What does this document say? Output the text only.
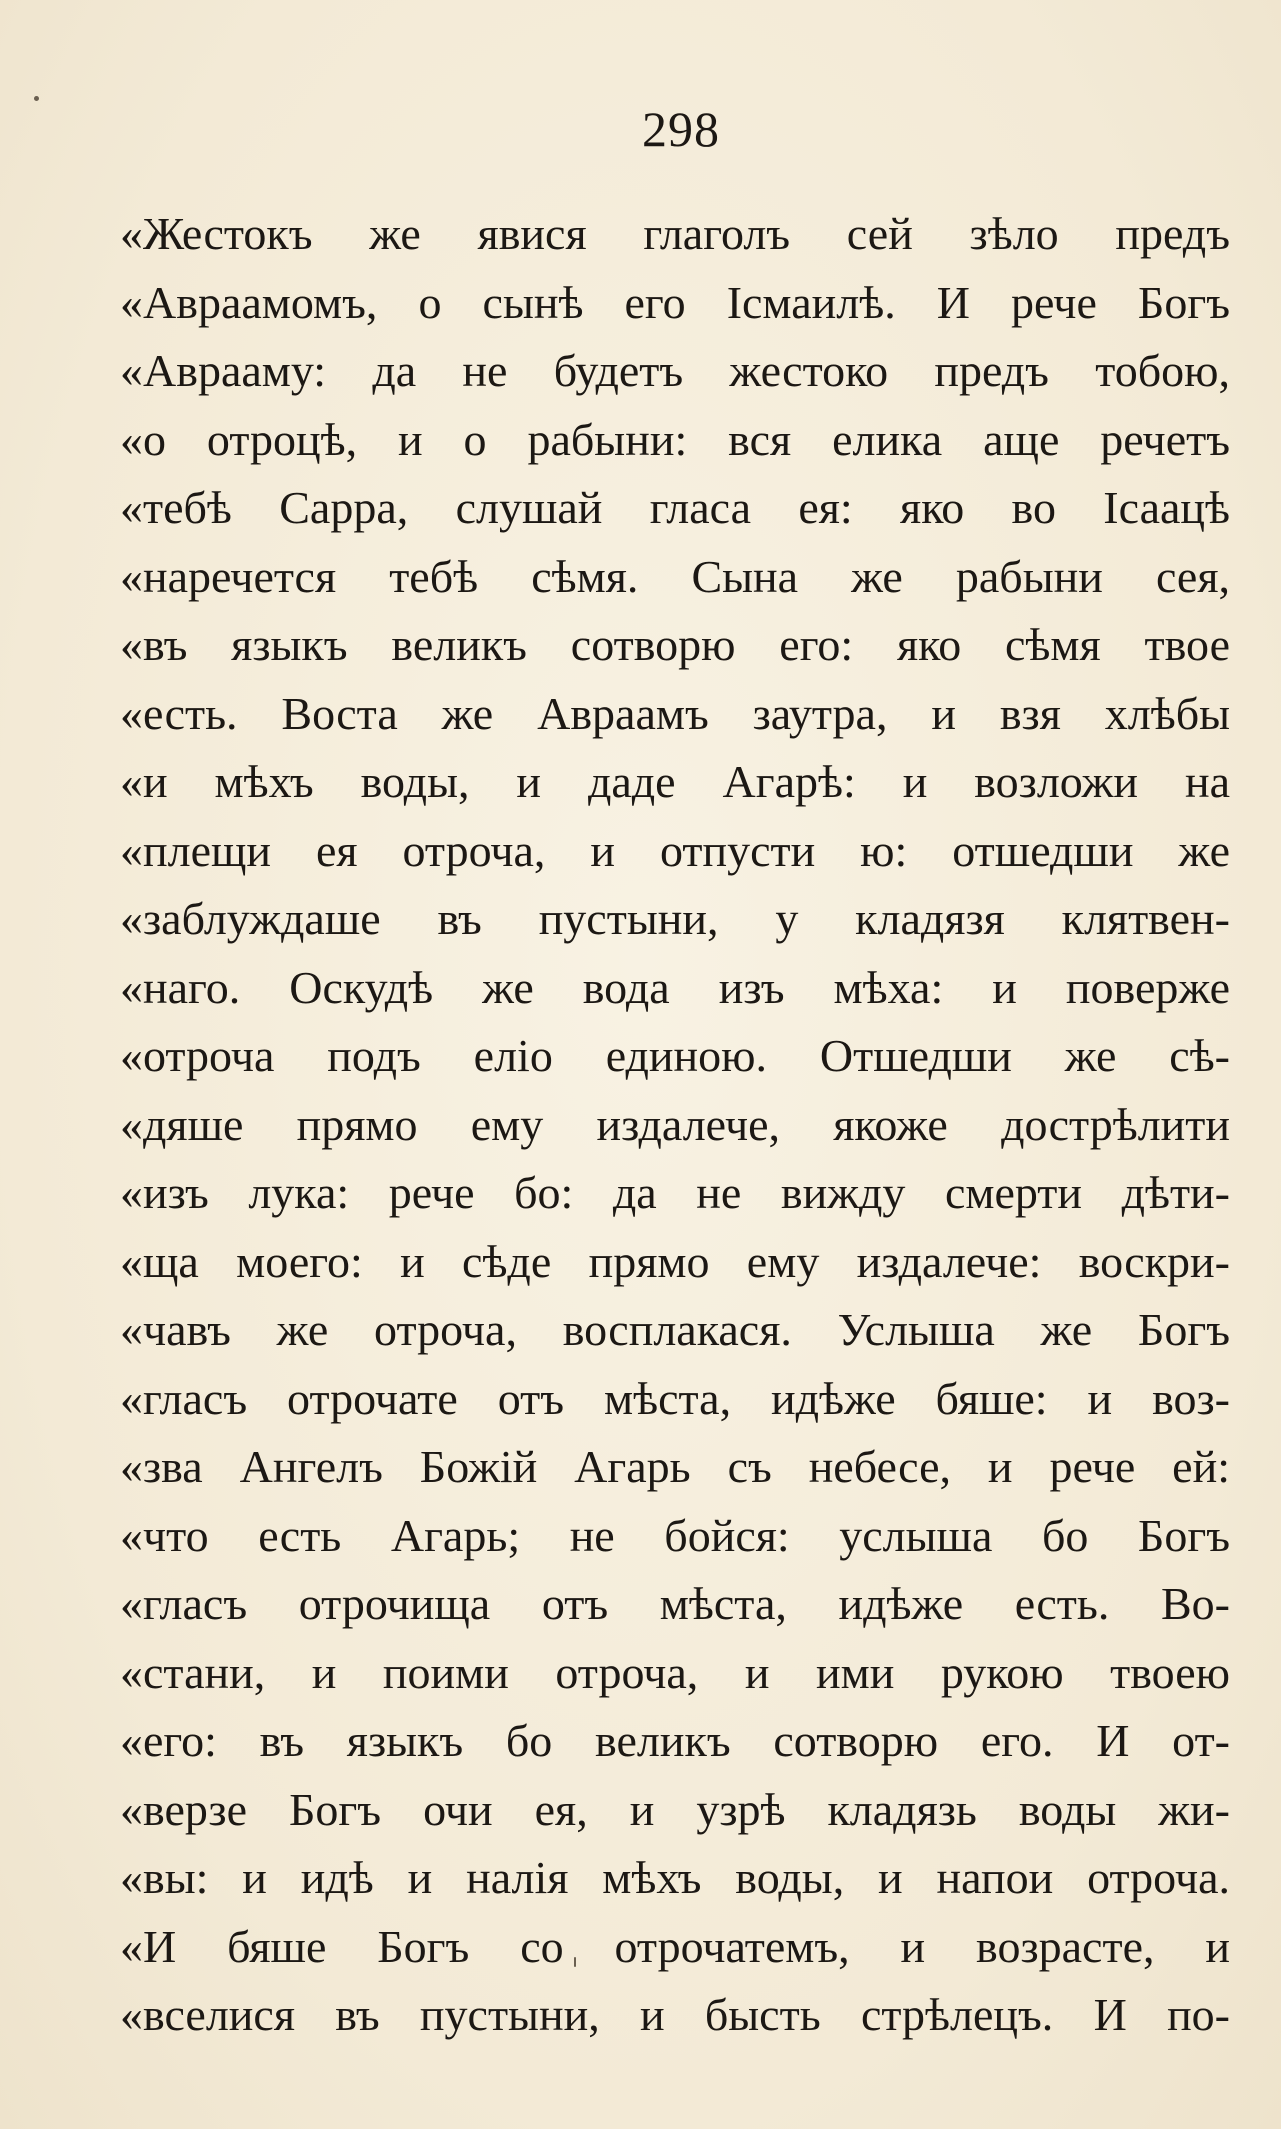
298
«Жестокъ же явися глаголъ сей зѣло предъ
«Авраамомъ, о сынѣ его Ісмаилѣ. И рече Богъ
«Аврааму: да не будетъ жестоко предъ тобою,
«о отроцѣ, и о рабыни: вся елика аще речетъ
«тебѣ Сарра, слушай гласа ея: яко во Ісаацѣ
«наречется тебѣ сѣмя. Сына же рабыни сея,
«въ языкъ великъ сотворю его: яко сѣмя твое
«есть. Воста же Авраамъ заутра, и взя хлѣбы
«и мѣхъ воды, и даде Агарѣ: и возложи на
«плещи ея отроча, и отпусти ю: отшедши же
«заблуждаше въ пустыни, у кладязя клятвен-
«наго. Оскудѣ же вода изъ мѣха: и поверже
«отроча подъ еліо единою. Отшедши же сѣ-
«дяше прямо ему издалече, якоже дострѣлити
«изъ лука: рече бо: да не вижду смерти дѣти-
«ща моего: и сѣде прямо ему издалече: воскри-
«чавъ же отроча, восплакася. Услыша же Богъ
«гласъ отрочате отъ мѣста, идѣже бяше: и воз-
«зва Ангелъ Божій Агарь съ небесе, и рече ей:
«что есть Агарь; не бойся: услыша бо Богъ
«гласъ отрочища отъ мѣста, идѣже есть. Во-
«стани, и поими отроча, и ими рукою твоею
«его: въ языкъ бо великъ сотворю его. И от-
«верзе Богъ очи ея, и узрѣ кладязь воды жи-
«вы: и идѣ и налія мѣхъ воды, и напои отроча.
«И бяше Богъ со отрочатемъ, и возрасте, и
«вселися въ пустыни, и бысть стрѣлецъ. И по-
